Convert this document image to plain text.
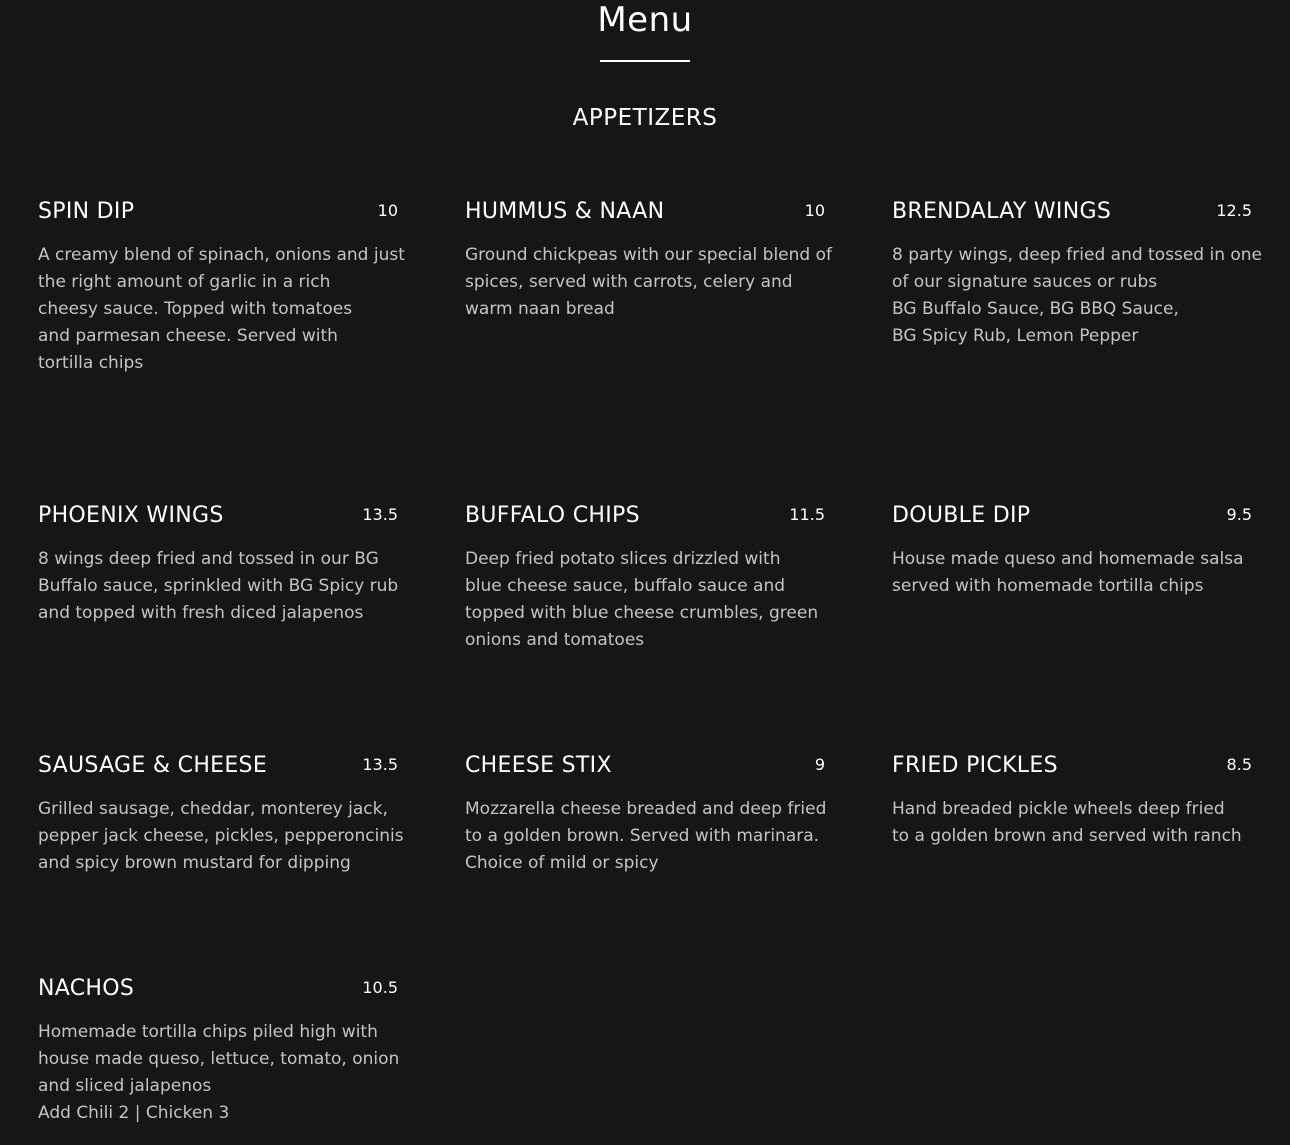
Menu
APPETIZERS
SPIN DIP	10
A creamy blend of spinach, onions and just
the right amount of garlic in a rich
cheesy sauce. Topped with tomatoes
and parmesan cheese. Served with
tortilla chips
HUMMUS & NAAN	10
Ground chickpeas with our special blend of
spices, served with carrots, celery and
warm naan bread
BRENDALAY WINGS	12.5
8 party wings, deep fried and tossed in one
of our signature sauces or rubs
BG Buffalo Sauce, BG BBQ Sauce,
BG Spicy Rub, Lemon Pepper
PHOENIX WINGS	13.5
8 wings deep fried and tossed in our BG
Buffalo sauce, sprinkled with BG Spicy rub
and topped with fresh diced jalapenos
BUFFALO CHIPS	11.5
Deep fried potato slices drizzled with
blue cheese sauce, buffalo sauce and
topped with blue cheese crumbles, green
onions and tomatoes
DOUBLE DIP	9.5
House made queso and homemade salsa
served with homemade tortilla chips
SAUSAGE & CHEESE	13.5
Grilled sausage, cheddar, monterey jack,
pepper jack cheese, pickles, pepperoncinis
and spicy brown mustard for dipping
CHEESE STIX	9
Mozzarella cheese breaded and deep fried
to a golden brown. Served with marinara.
Choice of mild or spicy
FRIED PICKLES	8.5
Hand breaded pickle wheels deep fried
to a golden brown and served with ranch
NACHOS	10.5
Homemade tortilla chips piled high with
house made queso, lettuce, tomato, onion
and sliced jalapenos
Add Chili 2 | Chicken 3
